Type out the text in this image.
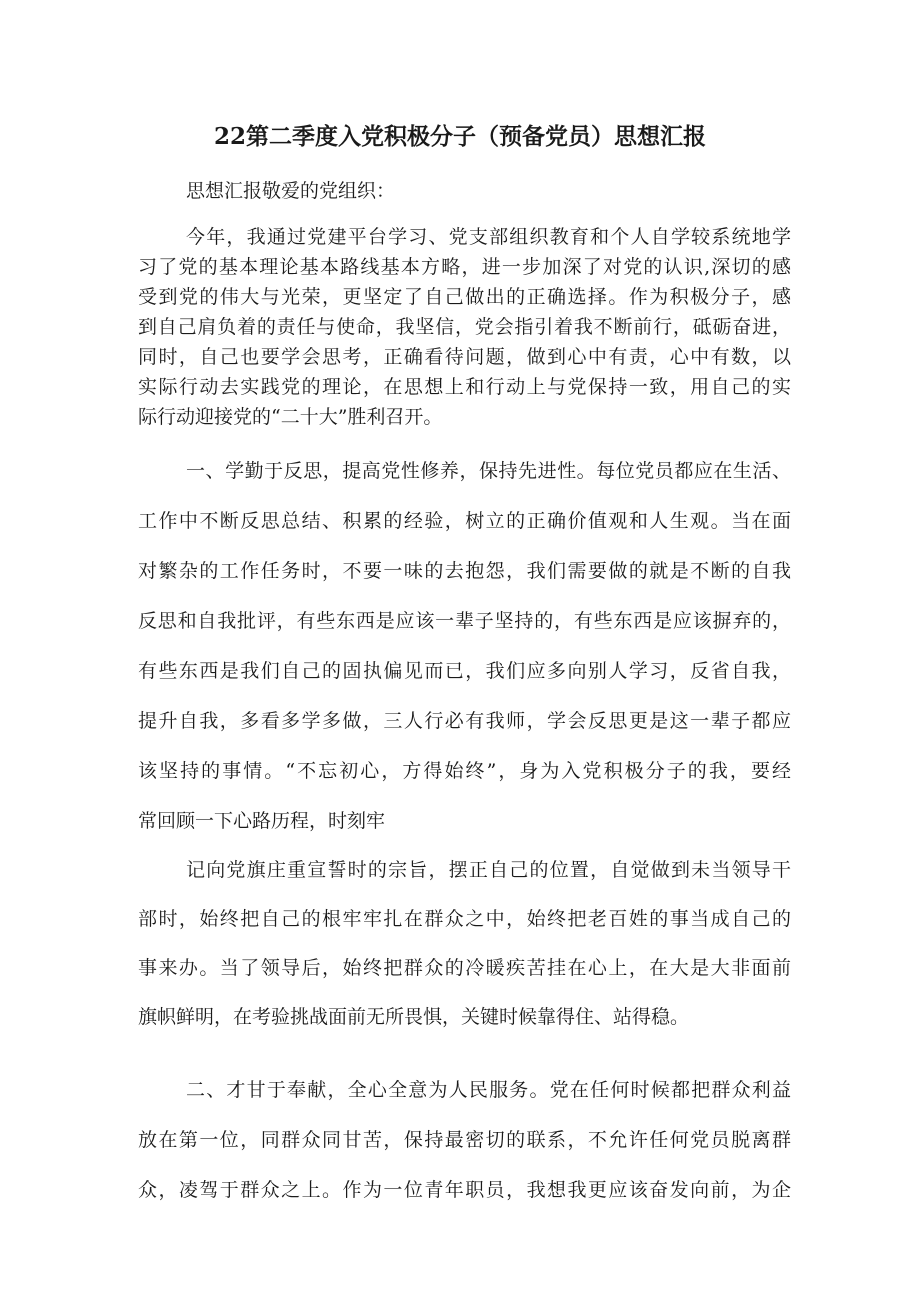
22第二季度入党积极分子（预备党员）思想汇报
思想汇报敬爱的党组织：
今年，我通过党建平台学习、党支部组织教育和个人自学较系统地学
习了党的基本理论基本路线基本方略，进一步加深了对党的认识,深切的感
受到党的伟大与光荣，更坚定了自己做出的正确选择。作为积极分子，感
到自己肩负着的责任与使命，我坚信，党会指引着我不断前行，砥砺奋进，
同时，自己也要学会思考，正确看待问题，做到心中有责，心中有数，以
实际行动去实践党的理论，在思想上和行动上与党保持一致，用自己的实
际行动迎接党的“二十大”胜利召开。
一、学勤于反思，提高党性修养，保持先进性。每位党员都应在生活、
工作中不断反思总结、积累的经验，树立的正确价值观和人生观。当在面
对繁杂的工作任务时，不要一味的去抱怨，我们需要做的就是不断的自我
反思和自我批评，有些东西是应该一辈子坚持的，有些东西是应该摒弃的，
有些东西是我们自己的固执偏见而已，我们应多向别人学习，反省自我，
提升自我，多看多学多做，三人行必有我师，学会反思更是这一辈子都应
该坚持的事情。“不忘初心，方得始终”，身为入党积极分子的我，要经
常回顾一下心路历程，时刻牢
记向党旗庄重宣誓时的宗旨，摆正自己的位置，自觉做到未当领导干
部时，始终把自己的根牢牢扎在群众之中，始终把老百姓的事当成自己的
事来办。当了领导后，始终把群众的冷暖疾苦挂在心上，在大是大非面前
旗帜鲜明，在考验挑战面前无所畏惧，关键时候靠得住、站得稳。
二、才甘于奉献，全心全意为人民服务。党在任何时候都把群众利益
放在第一位，同群众同甘苦，保持最密切的联系，不允许任何党员脱离群
众，凌驾于群众之上。作为一位青年职员，我想我更应该奋发向前，为企
